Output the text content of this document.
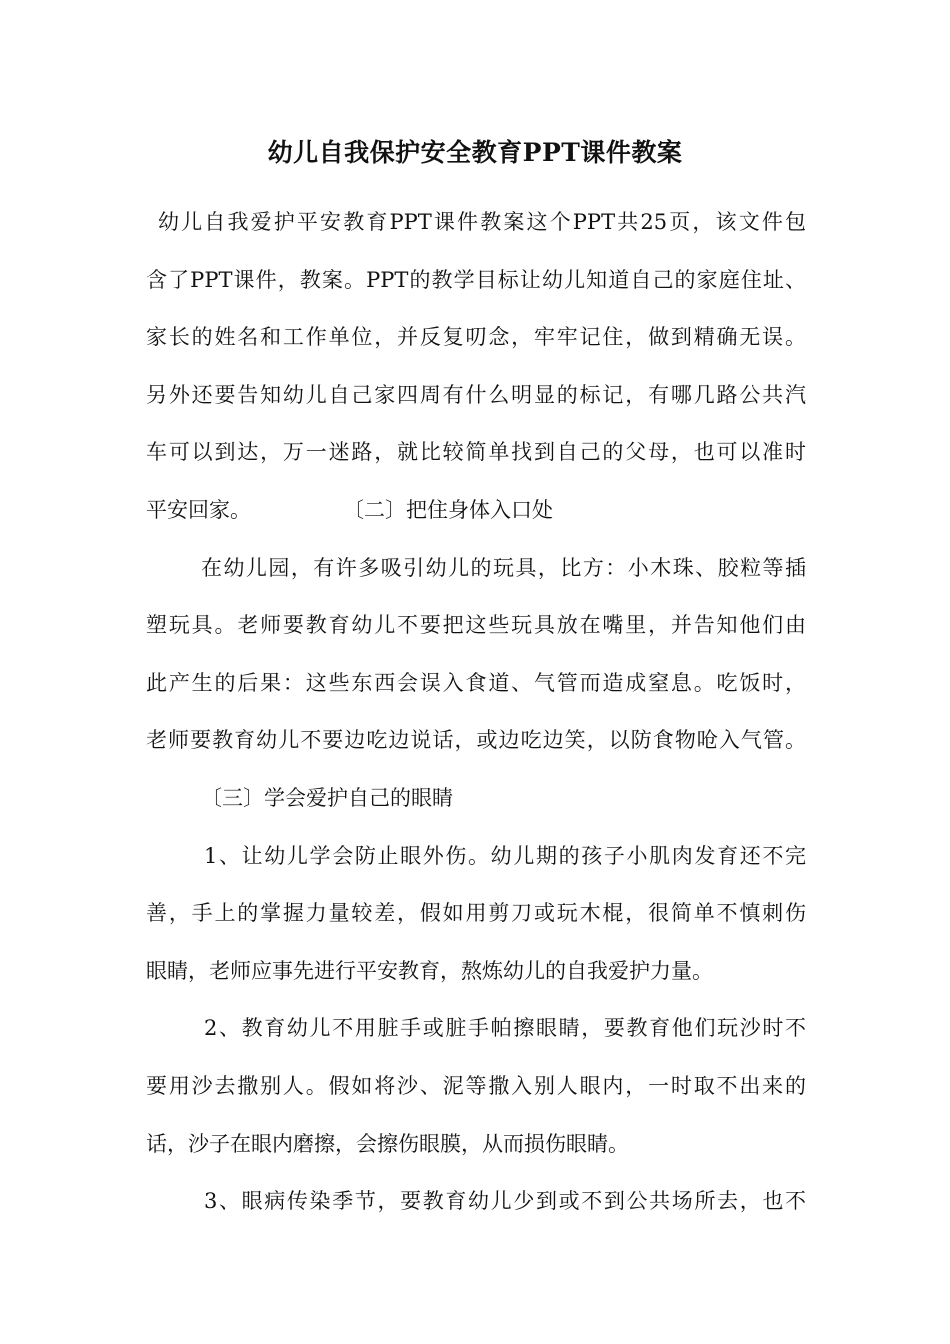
幼儿自我保护安全教育PPT课件教案
幼儿自我爱护平安教育PPT课件教案这个PPT共25页，该文件包
含了PPT课件，教案。PPT的教学目标让幼儿知道自己的家庭住址、
家长的姓名和工作单位，并反复叨念，牢牢记住，做到精确无误。
另外还要告知幼儿自己家四周有什么明显的标记，有哪几路公共汽
车可以到达，万一迷路，就比较简单找到自己的父母，也可以准时
平安回家。	〔二〕把住身体入口处
在幼儿园，有许多吸引幼儿的玩具，比方：小木珠、胶粒等插
塑玩具。老师要教育幼儿不要把这些玩具放在嘴里，并告知他们由
此产生的后果：这些东西会误入食道、气管而造成窒息。吃饭时，
老师要教育幼儿不要边吃边说话，或边吃边笑，以防食物呛入气管。
〔三〕学会爱护自己的眼睛
1、让幼儿学会防止眼外伤。幼儿期的孩子小肌肉发育还不完
善，手上的掌握力量较差，假如用剪刀或玩木棍，很简单不慎刺伤
眼睛，老师应事先进行平安教育，熬炼幼儿的自我爱护力量。
2、教育幼儿不用脏手或脏手帕擦眼睛，要教育他们玩沙时不
要用沙去撒别人。假如将沙、泥等撒入别人眼内，一时取不出来的
话，沙子在眼内磨擦，会擦伤眼膜，从而损伤眼睛。
3、眼病传染季节，要教育幼儿少到或不到公共场所去，也不
